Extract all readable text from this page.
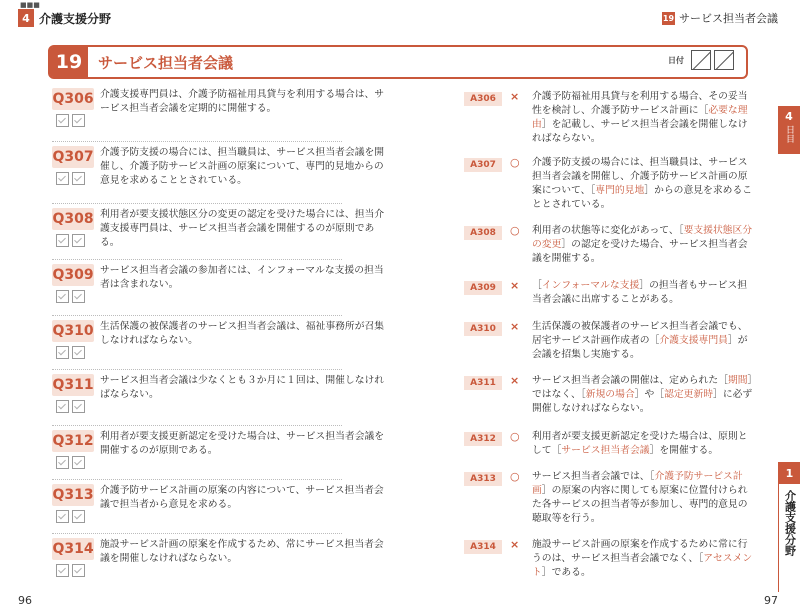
4
■■■
介護支援分野	19 サービス担当者会議
19	サービス担当者会議	日付
Q306 介護支援専門員は、介護予防福祉用具貸与を利用する場合は、サービス担当者会議を定期的に開催する。
Q307 介護予防支援の場合には、担当職員は、サービス担当者会議を開催し、介護予防サービス計画の原案について、専門的見地からの意見を求めることとされている。
Q308 利用者が要支援状態区分の変更の認定を受けた場合には、担当介護支援専門員は、サービス担当者会議を開催するのが原則である。
Q309 サービス担当者会議の参加者には、インフォーマルな支援の担当者は含まれない。
Q310 生活保護の被保護者のサービス担当者会議は、福祉事務所が召集しなければならない。
Q311 サービス担当者会議は少なくとも３か月に１回は、開催しなければならない。
Q312 利用者が要支援更新認定を受けた場合は、サービス担当者会議を開催するのが原則である。
Q313 介護予防サービス計画の原案の内容について、サービス担当者会議で担当者から意見を求める。
Q314 施設サービス計画の原案を作成するため、常にサービス担当者会議を開催しなければならない。
A306	× 介護予防福祉用具貸与を利用する場合、その妥当性を検討し、介護予防サービス計画に［必要な理由］を記載し、サービス担当者会議を開催しなければならない。
A307	○ 介護予防支援の場合には、担当職員は、サービス担当者会議を開催し、介護予防サービス計画の原案について、［専門的見地］からの意見を求めることとされている。
A308	○ 利用者の状態等に変化があって、［要支援状態区分の変更］の認定を受けた場合、サービス担当者会議を開催する。
A309	× ［インフォーマルな支援］の担当者もサービス担当者会議に出席することがある。
A310	× 生活保護の被保護者のサービス担当者会議でも、居宅サービス計画作成者の［介護支援専門員］が会議を招集し実施する。
A311	× サービス担当者会議の開催は、定められた［期間］ではなく、［新規の場合］や［認定更新時］に必ず開催しなければならない。
A312	○ 利用者が要支援更新認定を受けた場合は、原則として［サービス担当者会議］を開催する。
A313	○ サービス担当者会議では、［介護予防サービス計画］の原案の内容に関しても原案に位置付けられた各サービスの担当者等が参加し、専門的意見の聴取等を行う。
A314	× 施設サービス計画の原案を作成するために常に行うのは、サービス担当者会議でなく、［アセスメント］である。
4
日目
1
介護支援分野
96	97
